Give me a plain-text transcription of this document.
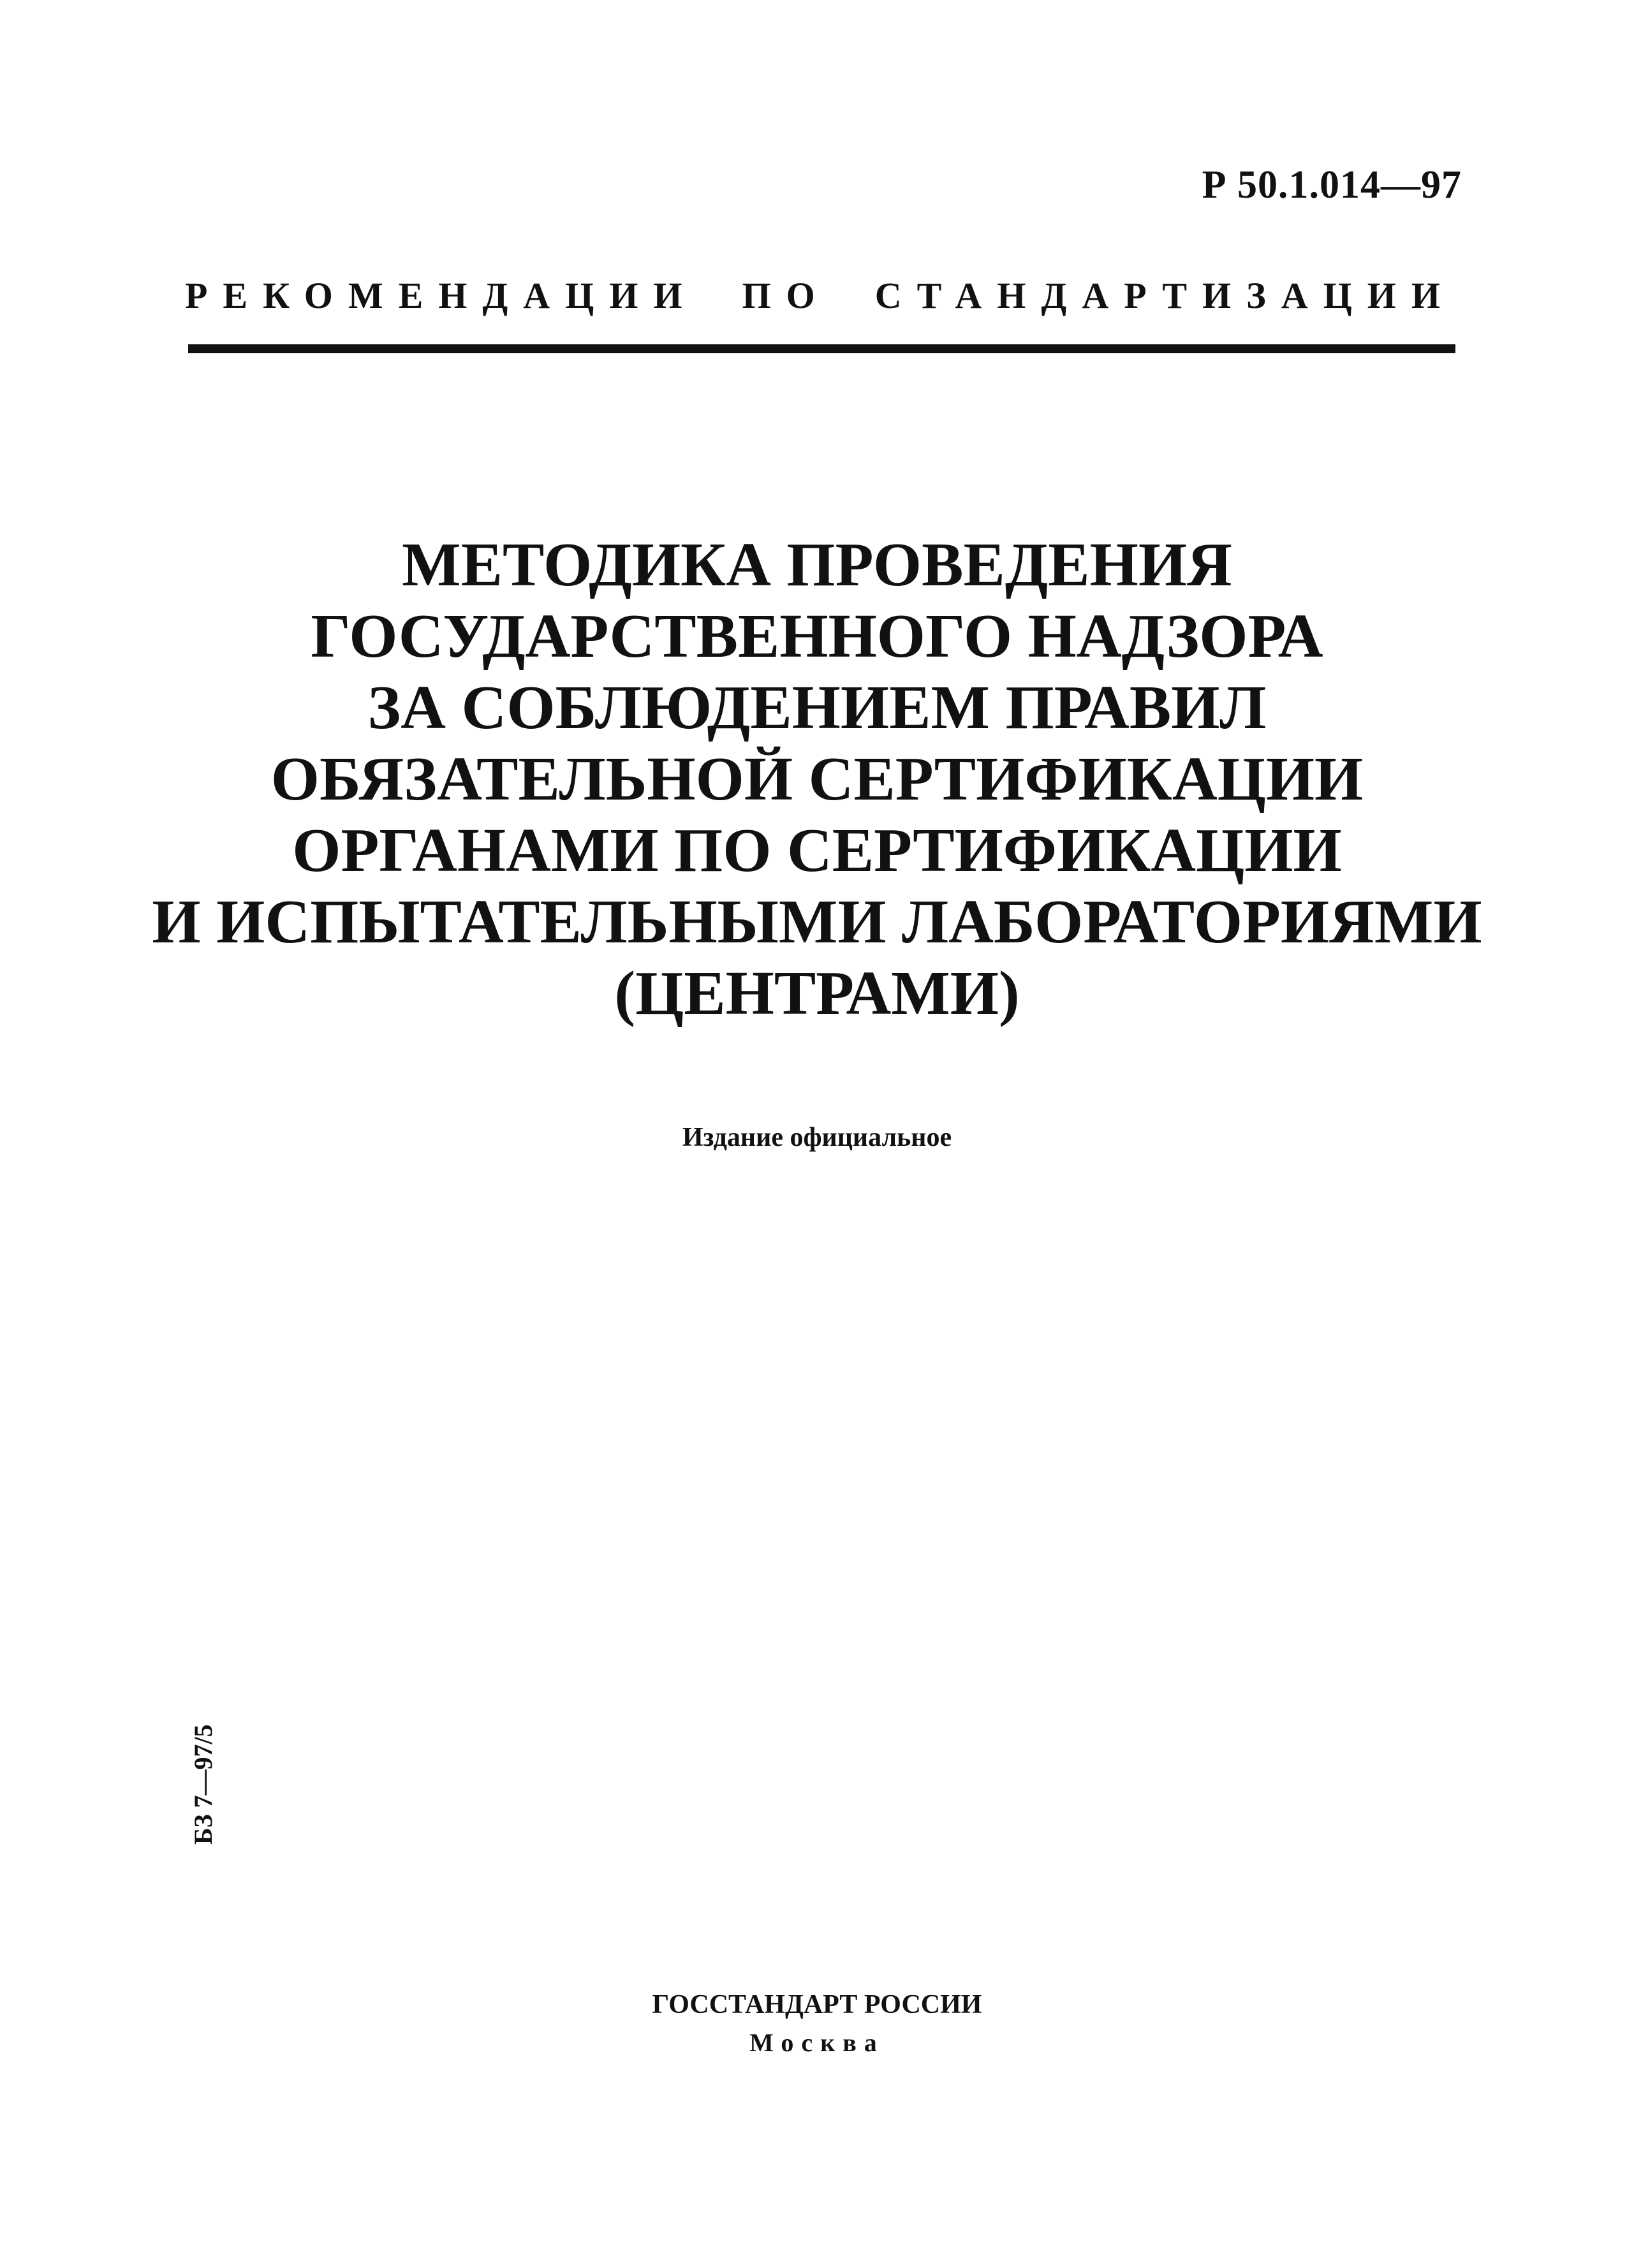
Р 50.1.014—97
РЕКОМЕНДАЦИИ ПО СТАНДАРТИЗАЦИИ
МЕТОДИКА ПРОВЕДЕНИЯ
ГОСУДАРСТВЕННОГО НАДЗОРА
ЗА СОБЛЮДЕНИЕМ ПРАВИЛ
ОБЯЗАТЕЛЬНОЙ СЕРТИФИКАЦИИ
ОРГАНАМИ ПО СЕРТИФИКАЦИИ
И ИСПЫТАТЕЛЬНЫМИ ЛАБОРАТОРИЯМИ
(ЦЕНТРАМИ)
Издание официальное
БЗ 7—97/5
ГОССТАНДАРТ РОССИИ
Москва
